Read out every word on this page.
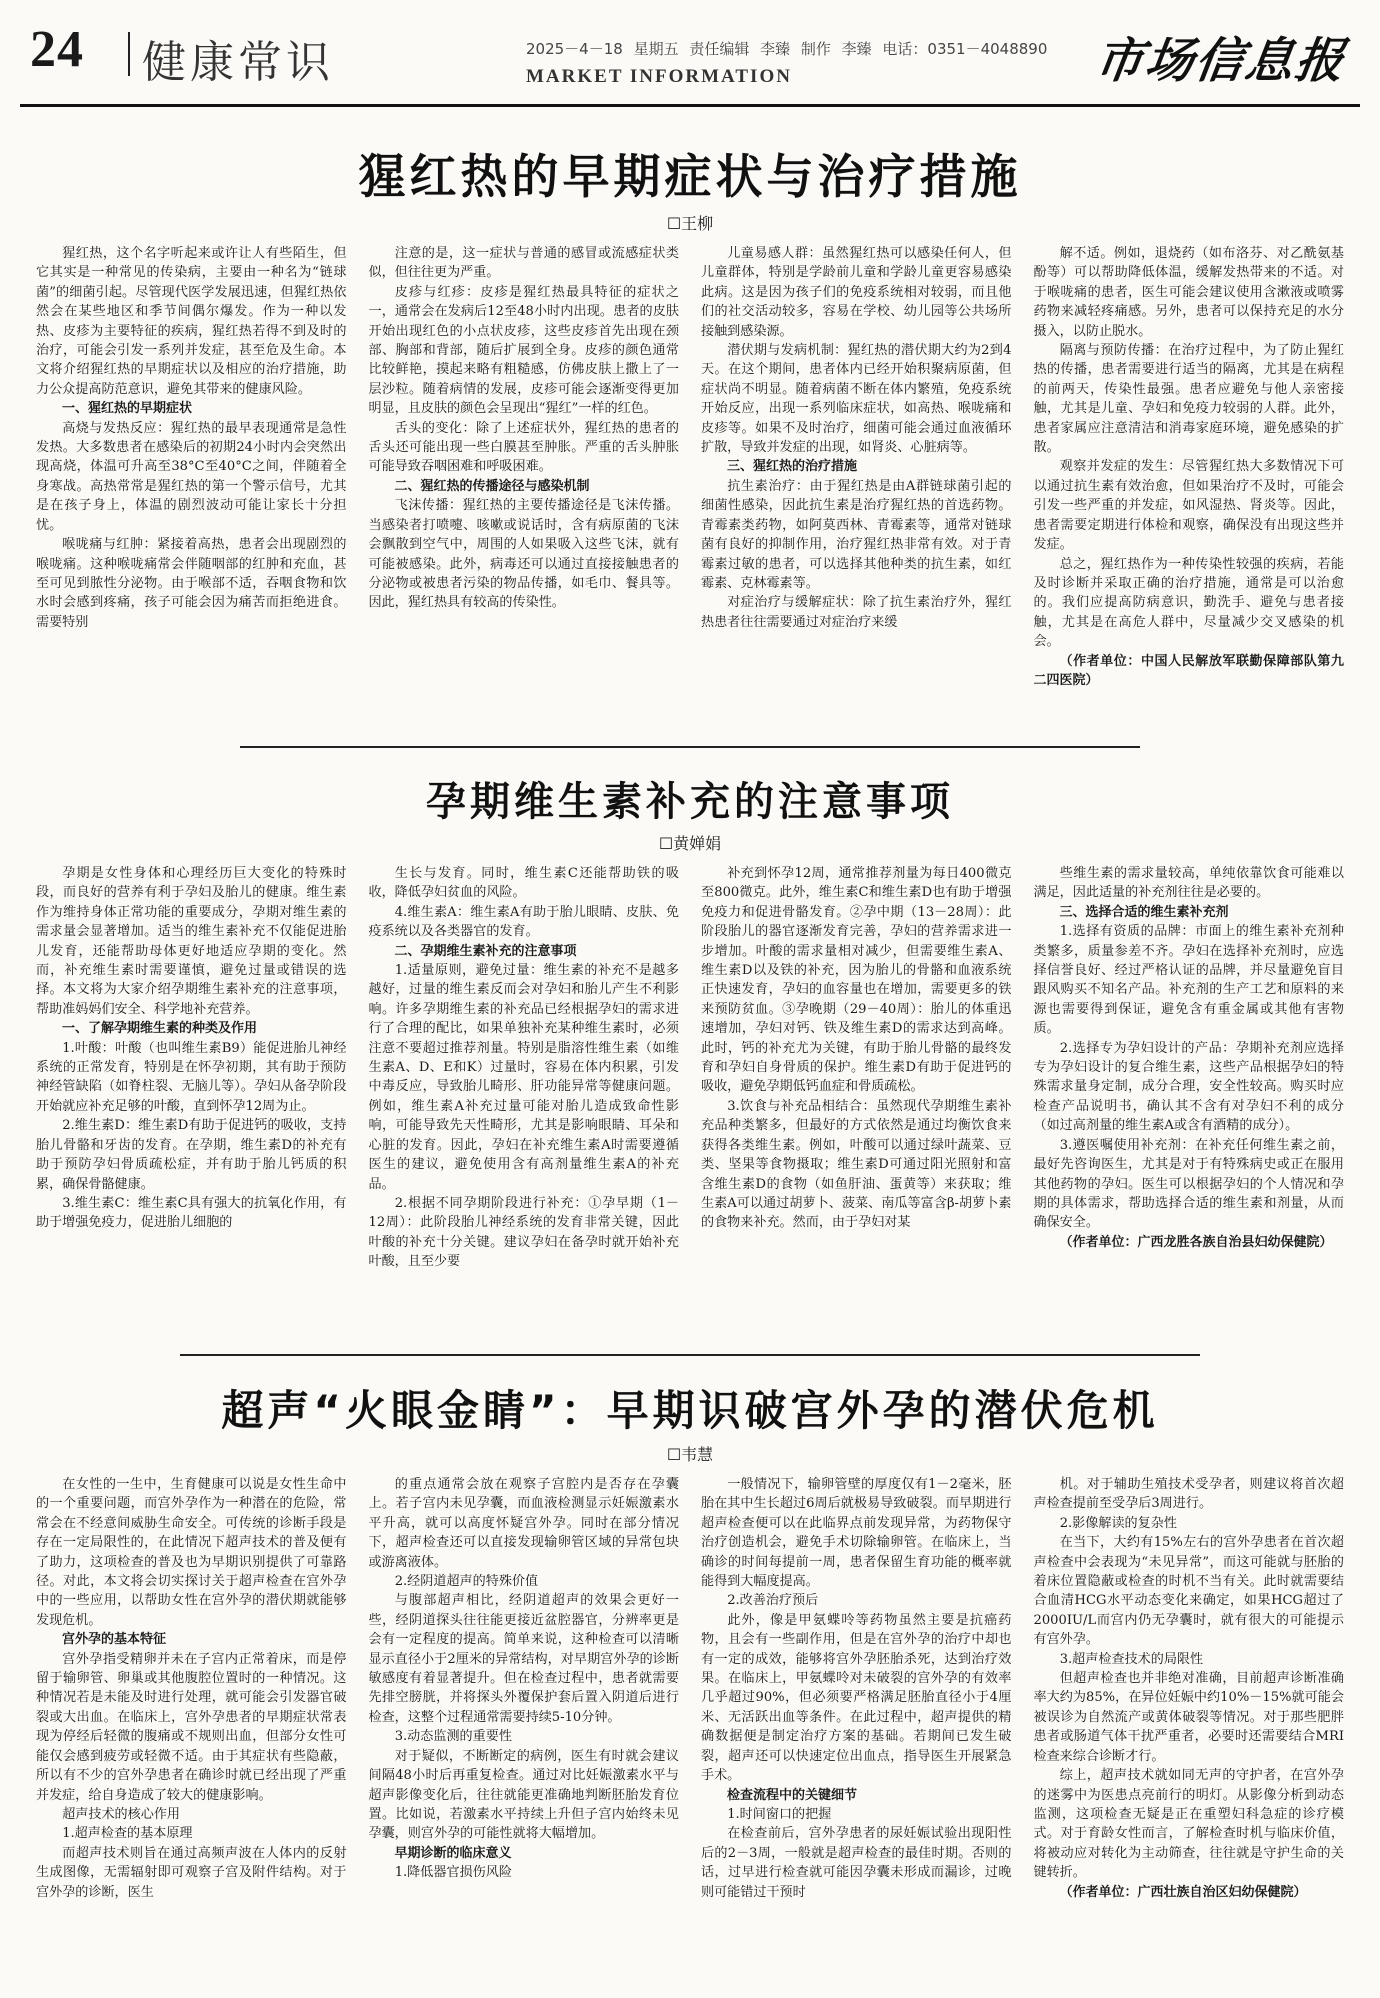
24 健康常识	2025－4－18 星期五 责任编辑 李臻 制作 李臻 电话：0351－4048890
MARKET INFORMATION	市场信息报
猩红热的早期症状与治疗措施
☐王柳

猩红热，这个名字听起来或许让人有些陌生，但它其实是一种常见的传染病，主要由一种名为“链球菌”的细菌引起。尽管现代医学发展迅速，但猩红热依然会在某些地区和季节间偶尔爆发。作为一种以发热、皮疹为主要特征的疾病，猩红热若得不到及时的治疗，可能会引发一系列并发症，甚至危及生命。本文将介绍猩红热的早期症状以及相应的治疗措施，助力公众提高防范意识，避免其带来的健康风险。

一、猩红热的早期症状

高烧与发热反应：猩红热的最早表现通常是急性发热。大多数患者在感染后的初期24小时内会突然出现高烧，体温可升高至38°C至40°C之间，伴随着全身寒战。高热常常是猩红热的第一个警示信号，尤其是在孩子身上，体温的剧烈波动可能让家长十分担忧。

喉咙痛与红肿：紧接着高热，患者会出现剧烈的喉咙痛。这种喉咙痛常会伴随咽部的红肿和充血，甚至可见到脓性分泌物。由于喉部不适，吞咽食物和饮水时会感到疼痛，孩子可能会因为痛苦而拒绝进食。需要特别

注意的是，这一症状与普通的感冒或流感症状类似，但往往更为严重。

皮疹与红疹：皮疹是猩红热最具特征的症状之一，通常会在发病后12至48小时内出现。患者的皮肤开始出现红色的小点状皮疹，这些皮疹首先出现在颈部、胸部和背部，随后扩展到全身。皮疹的颜色通常比较鲜艳，摸起来略有粗糙感，仿佛皮肤上撒上了一层沙粒。随着病情的发展，皮疹可能会逐渐变得更加明显，且皮肤的颜色会呈现出“猩红”一样的红色。

舌头的变化：除了上述症状外，猩红热的患者的舌头还可能出现一些白膜甚至肿胀。严重的舌头肿胀可能导致吞咽困难和呼吸困难。

二、猩红热的传播途径与感染机制

飞沫传播：猩红热的主要传播途径是飞沫传播。当感染者打喷嚏、咳嗽或说话时，含有病原菌的飞沫会飘散到空气中，周围的人如果吸入这些飞沫，就有可能被感染。此外，病毒还可以通过直接接触患者的分泌物或被患者污染的物品传播，如毛巾、餐具等。因此，猩红热具有较高的传染性。

儿童易感人群：虽然猩红热可以感染任何人，但儿童群体，特别是学龄前儿童和学龄儿童更容易感染此病。这是因为孩子们的免疫系统相对较弱，而且他们的社交活动较多，容易在学校、幼儿园等公共场所接触到感染源。

潜伏期与发病机制：猩红热的潜伏期大约为2到4天。在这个期间，患者体内已经开始积聚病原菌，但症状尚不明显。随着病菌不断在体内繁殖，免疫系统开始反应，出现一系列临床症状，如高热、喉咙痛和皮疹等。如果不及时治疗，细菌可能会通过血液循环扩散，导致并发症的出现，如肾炎、心脏病等。

三、猩红热的治疗措施

抗生素治疗：由于猩红热是由A群链球菌引起的细菌性感染，因此抗生素是治疗猩红热的首选药物。青霉素类药物，如阿莫西林、青霉素等，通常对链球菌有良好的抑制作用，治疗猩红热非常有效。对于青霉素过敏的患者，可以选择其他种类的抗生素，如红霉素、克林霉素等。

对症治疗与缓解症状：除了抗生素治疗外，猩红热患者往往需要通过对症治疗来缓

解不适。例如，退烧药（如布洛芬、对乙酰氨基酚等）可以帮助降低体温，缓解发热带来的不适。对于喉咙痛的患者，医生可能会建议使用含漱液或喷雾药物来减轻疼痛感。另外，患者可以保持充足的水分摄入，以防止脱水。

隔离与预防传播：在治疗过程中，为了防止猩红热的传播，患者需要进行适当的隔离，尤其是在病程的前两天，传染性最强。患者应避免与他人亲密接触，尤其是儿童、孕妇和免疫力较弱的人群。此外，患者家属应注意清洁和消毒家庭环境，避免感染的扩散。

观察并发症的发生：尽管猩红热大多数情况下可以通过抗生素有效治愈，但如果治疗不及时，可能会引发一些严重的并发症，如风湿热、肾炎等。因此，患者需要定期进行体检和观察，确保没有出现这些并发症。

总之，猩红热作为一种传染性较强的疾病，若能及时诊断并采取正确的治疗措施，通常是可以治愈的。我们应提高防病意识，勤洗手、避免与患者接触，尤其是在高危人群中，尽量减少交叉感染的机会。

（作者单位：中国人民解放军联勤保障部队第九二四医院）

孕期维生素补充的注意事项
☐黄婵娟

孕期是女性身体和心理经历巨大变化的特殊时段，而良好的营养有利于孕妇及胎儿的健康。维生素作为维持身体正常功能的重要成分，孕期对维生素的需求量会显著增加。适当的维生素补充不仅能促进胎儿发育，还能帮助母体更好地适应孕期的变化。然而，补充维生素时需要谨慎，避免过量或错误的选择。本文将为大家介绍孕期维生素补充的注意事项，帮助准妈妈们安全、科学地补充营养。

一、了解孕期维生素的种类及作用

1.叶酸：叶酸（也叫维生素B9）能促进胎儿神经系统的正常发育，特别是在怀孕初期，其有助于预防神经管缺陷（如脊柱裂、无脑儿等）。孕妇从备孕阶段开始就应补充足够的叶酸，直到怀孕12周为止。

2.维生素D：维生素D有助于促进钙的吸收，支持胎儿骨骼和牙齿的发育。在孕期，维生素D的补充有助于预防孕妇骨质疏松症，并有助于胎儿钙质的积累，确保骨骼健康。

3.维生素C：维生素C具有强大的抗氧化作用，有助于增强免疫力，促进胎儿细胞的

生长与发育。同时，维生素C还能帮助铁的吸收，降低孕妇贫血的风险。

4.维生素A：维生素A有助于胎儿眼睛、皮肤、免疫系统以及各类器官的发育。

二、孕期维生素补充的注意事项

1.适量原则，避免过量：维生素的补充不是越多越好，过量的维生素反而会对孕妇和胎儿产生不利影响。许多孕期维生素的补充品已经根据孕妇的需求进行了合理的配比，如果单独补充某种维生素时，必须注意不要超过推荐剂量。特别是脂溶性维生素（如维生素A、D、E和K）过量时，容易在体内积累，引发中毒反应，导致胎儿畸形、肝功能异常等健康问题。例如，维生素A补充过量可能对胎儿造成致命性影响，可能导致先天性畸形，尤其是影响眼睛、耳朵和心脏的发育。因此，孕妇在补充维生素A时需要遵循医生的建议，避免使用含有高剂量维生素A的补充品。

2.根据不同孕期阶段进行补充：①孕早期（1－12周）：此阶段胎儿神经系统的发育非常关键，因此叶酸的补充十分关键。建议孕妇在备孕时就开始补充叶酸，且至少要

补充到怀孕12周，通常推荐剂量为每日400微克至800微克。此外，维生素C和维生素D也有助于增强免疫力和促进骨骼发育。②孕中期（13－28周）：此阶段胎儿的器官逐渐发育完善，孕妇的营养需求进一步增加。叶酸的需求量相对减少，但需要维生素A、维生素D以及铁的补充，因为胎儿的骨骼和血液系统正快速发育，孕妇的血容量也在增加，需要更多的铁来预防贫血。③孕晚期（29－40周）：胎儿的体重迅速增加，孕妇对钙、铁及维生素D的需求达到高峰。此时，钙的补充尤为关键，有助于胎儿骨骼的最终发育和孕妇自身骨质的保护。维生素D有助于促进钙的吸收，避免孕期低钙血症和骨质疏松。

3.饮食与补充品相结合：虽然现代孕期维生素补充品种类繁多，但最好的方式依然是通过均衡饮食来获得各类维生素。例如，叶酸可以通过绿叶蔬菜、豆类、坚果等食物摄取；维生素D可通过阳光照射和富含维生素D的食物（如鱼肝油、蛋黄等）来获取；维生素A可以通过胡萝卜、菠菜、南瓜等富含β-胡萝卜素的食物来补充。然而，由于孕妇对某

些维生素的需求量较高，单纯依靠饮食可能难以满足，因此适量的补充剂往往是必要的。

三、选择合适的维生素补充剂

1.选择有资质的品牌：市面上的维生素补充剂种类繁多，质量参差不齐。孕妇在选择补充剂时，应选择信誉良好、经过严格认证的品牌，并尽量避免盲目跟风购买不知名产品。补充剂的生产工艺和原料的来源也需要得到保证，避免含有重金属或其他有害物质。

2.选择专为孕妇设计的产品：孕期补充剂应选择专为孕妇设计的复合维生素，这些产品根据孕妇的特殊需求量身定制，成分合理，安全性较高。购买时应检查产品说明书，确认其不含有对孕妇不利的成分（如过高剂量的维生素A或含有酒精的成分）。

3.遵医嘱使用补充剂：在补充任何维生素之前，最好先咨询医生，尤其是对于有特殊病史或正在服用其他药物的孕妇。医生可以根据孕妇的个人情况和孕期的具体需求，帮助选择合适的维生素和剂量，从而确保安全。

（作者单位：广西龙胜各族自治县妇幼保健院）

超声“火眼金睛”：早期识破宫外孕的潜伏危机
☐韦慧

在女性的一生中，生育健康可以说是女性生命中的一个重要问题，而宫外孕作为一种潜在的危险，常常会在不经意间威胁生命安全。可传统的诊断手段是存在一定局限性的，在此情况下超声技术的普及便有了助力，这项检查的普及也为早期识别提供了可靠路径。对此，本文将会切实探讨关于超声检查在宫外孕中的一些应用，以帮助女性在宫外孕的潜伏期就能够发现危机。

宫外孕的基本特征

宫外孕指受精卵并未在子宫内正常着床，而是停留于输卵管、卵巢或其他腹腔位置时的一种情况。这种情况若是未能及时进行处理，就可能会引发器官破裂或大出血。在临床上，宫外孕患者的早期症状常表现为停经后轻微的腹痛或不规则出血，但部分女性可能仅会感到疲劳或轻微不适。由于其症状有些隐蔽，所以有不少的宫外孕患者在确诊时就已经出现了严重并发症，给自身造成了较大的健康影响。

超声技术的核心作用

1.超声检查的基本原理

而超声技术则旨在通过高频声波在人体内的反射生成图像，无需辐射即可观察子宫及附件结构。对于宫外孕的诊断，医生

的重点通常会放在观察子宫腔内是否存在孕囊上。若子宫内未见孕囊，而血液检测显示妊娠激素水平升高，就可以高度怀疑宫外孕。同时在部分情况下，超声检查还可以直接发现输卵管区域的异常包块或游离液体。

2.经阴道超声的特殊价值

与腹部超声相比，经阴道超声的效果会更好一些，经阴道探头往往能更接近盆腔器官，分辨率更是会有一定程度的提高。简单来说，这种检查可以清晰显示直径小于2厘米的异常结构，对早期宫外孕的诊断敏感度有着显著提升。但在检查过程中，患者就需要先排空膀胱，并将探头外覆保护套后置入阴道后进行检查，这整个过程通常需要持续5-10分钟。

3.动态监测的重要性

对于疑似，不断断定的病例，医生有时就会建议间隔48小时后再重复检查。通过对比妊娠激素水平与超声影像变化后，往往就能更准确地判断胚胎发育位置。比如说，若激素水平持续上升但子宫内始终未见孕囊，则宫外孕的可能性就将大幅增加。

早期诊断的临床意义

1.降低器官损伤风险

一般情况下，输卵管壁的厚度仅有1－2毫米，胚胎在其中生长超过6周后就极易导致破裂。而早期进行超声检查便可以在此临界点前发现异常，为药物保守治疗创造机会，避免手术切除输卵管。在临床上，当确诊的时间每提前一周，患者保留生育功能的概率就能得到大幅度提高。

2.改善治疗预后

此外，像是甲氨蝶呤等药物虽然主要是抗癌药物，且会有一些副作用，但是在宫外孕的治疗中却也有一定的成效，能够将宫外孕胚胎杀死，达到治疗效果。在临床上，甲氨蝶呤对未破裂的宫外孕的有效率几乎超过90%，但必须要严格满足胚胎直径小于4厘米、无活跃出血等条件。在此过程中，超声提供的精确数据便是制定治疗方案的基础。若期间已发生破裂，超声还可以快速定位出血点，指导医生开展紧急手术。

检查流程中的关键细节

1.时间窗口的把握

在检查前后，宫外孕患者的尿妊娠试验出现阳性后的2－3周，一般就是超声检查的最佳时期。否则的话，过早进行检查就可能因孕囊未形成而漏诊，过晚则可能错过干预时

机。对于辅助生殖技术受孕者，则建议将首次超声检查提前至受孕后3周进行。

2.影像解读的复杂性

在当下，大约有15%左右的宫外孕患者在首次超声检查中会表现为“未见异常”，而这可能就与胚胎的着床位置隐蔽或检查的时机不当有关。此时就需要结合血清HCG水平动态变化来确定，如果HCG超过了2000IU/L而宫内仍无孕囊时，就有很大的可能提示有宫外孕。

3.超声检查技术的局限性

但超声检查也并非绝对准确，目前超声诊断准确率大约为85%，在异位妊娠中约10%－15%就可能会被误诊为自然流产或黄体破裂等情况。对于那些肥胖患者或肠道气体干扰严重者，必要时还需要结合MRI检查来综合诊断才行。

综上，超声技术就如同无声的守护者，在宫外孕的迷雾中为医患点亮前行的明灯。从影像分析到动态监测，这项检查无疑是正在重塑妇科急症的诊疗模式。对于育龄女性而言，了解检查时机与临床价值，将被动应对转化为主动筛查，往往就是守护生命的关键转折。

（作者单位：广西壮族自治区妇幼保健院）
